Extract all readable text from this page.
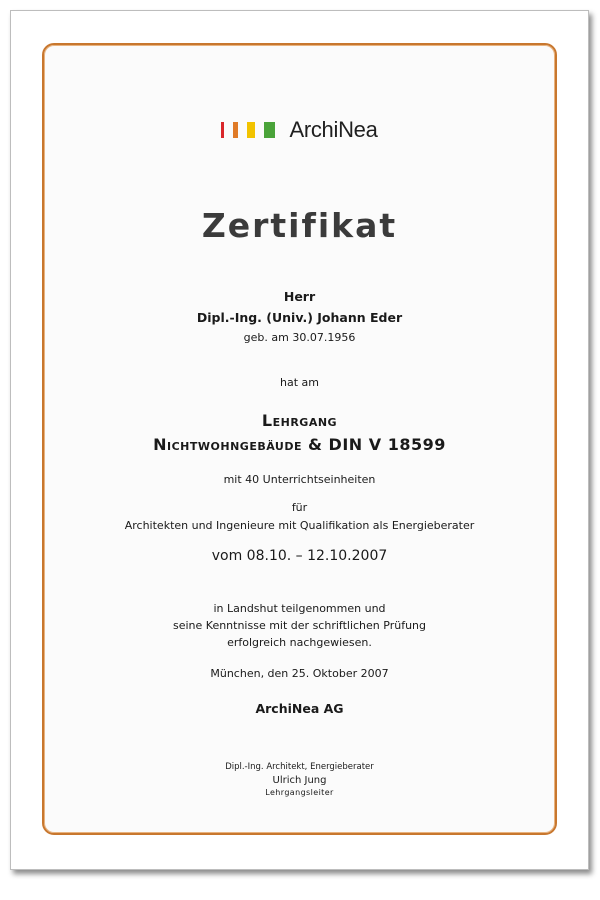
ArchiNea
Zertifikat
Herr
Dipl.-Ing. (Univ.) Johann Eder
geb. am 30.07.1956
hat am
Lehrgang
Nichtwohngebäude & DIN V 18599
mit 40 Unterrichtseinheiten
für
Architekten und Ingenieure mit Qualifikation als Energieberater
vom 08.10. – 12.10.2007
in Landshut teilgenommen und
seine Kenntnisse mit der schriftlichen Prüfung
erfolgreich nachgewiesen.
München, den 25. Oktober 2007
ArchiNea AG
Dipl.-Ing. Architekt, Energieberater
Ulrich Jung
Lehrgangsleiter
